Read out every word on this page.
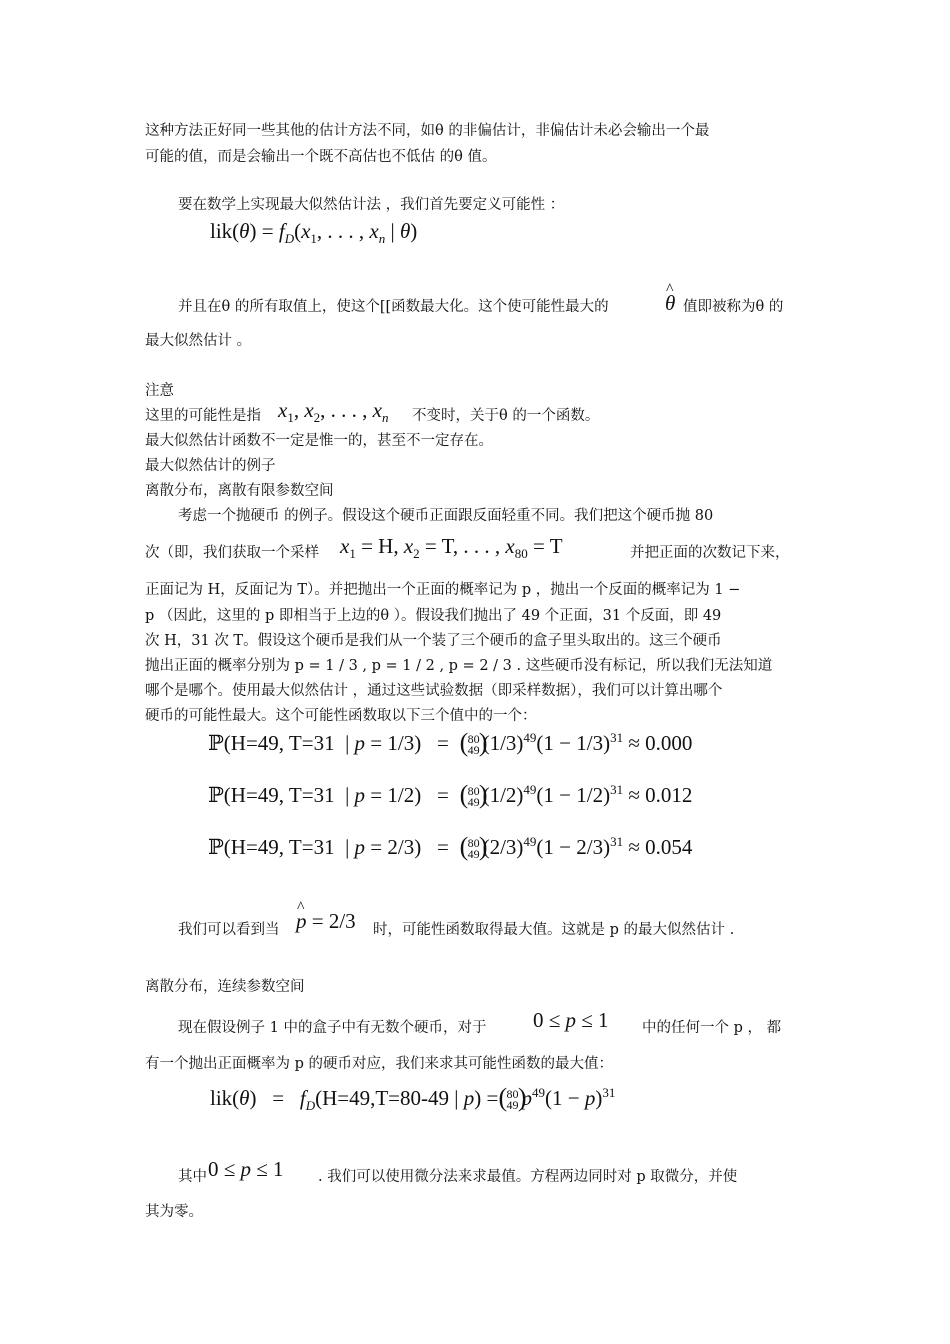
这种方法正好同一些其他的估计方法不同，如θ 的非偏估计，非偏估计未必会输出一个最
可能的值，而是会输出一个既不高估也不低估 的θ 值。
要在数学上实现最大似然估计法 ，我们首先要定义可能性 ：
$lik(\theta) = f_D(x_1$, . . . , $x_n$ | θ)
并且在θ 的所有取值上，使这个[[函数最大化。这个使可能性最大的	^ θ 值即被称为θ 的
最大似然估计 。
注意
这里的可能性是指 $x_1$, $x_2$, . . . , $x_n$ 不变时，关于θ 的一个函数。
最大似然估计函数不一定是惟一的，甚至不一定存在。
最大似然估计的例子
离散分布，离散有限参数空间
考虑一个抛硬币 的例子。假设这个硬币正面跟反面轻重不同。我们把这个硬币抛 80
次（即，我们获取一个采样 $x_1 = H$, $x_2 = T$, . . . , $x_{80} = T$	并把正面的次数记下来，
正面记为 H，反面记为 T）。并把抛出一个正面的概率记为 p ，抛出一个反面的概率记为 1 −
p （因此，这里的 p 即相当于上边的θ ）。假设我们抛出了 49 个正面，31 个反面，即 49
次 H，31 次 T。假设这个硬币是我们从一个装了三个硬币的盒子里头取出的。这三个硬币
抛出正面的概率分别为 p = 1 / 3 , p = 1 / 2 , p = 2 / 3 . 这些硬币没有标记，所以我们无法知道
哪个是哪个。使用最大似然估计 ，通过这些试验数据（即采样数据），我们可以计算出哪个
硬币的可能性最大。这个可能性函数取以下三个值中的一个：
ℙ(H=49, T=31  | p = 1/3)   = ( 80
49
) $(1/3)^{49}(1 - 1/3)^{31} \approx 0.000$
ℙ(H=49, T=31  | p = 1/2)   = ( 80
49
) $(1/2)^{49}(1 - 1/2)^{31} \approx 0.012$
ℙ(H=49, T=31  | p = 2/3)   = ( 80
49
) $(2/3)^{49}(1 - 2/3)^{31} \approx 0.054$
我们可以看到当 ^ p = 2/3 时，可能性函数取得最大值。这就是 p 的最大似然估计 .
离散分布，连续参数空间
现在假设例子 1 中的盒子中有无数个硬币，对于 0 ≤ p ≤ 1 中的任何一个 p ， 都
有一个抛出正面概率为 p 的硬币对应，我们来求其可能性函数的最大值：
$lik(\theta) = f_D(H=49,T=80-49$ | p) = ( 80
49
) $p^{49}(1 - p)^{31}$
其中 0 ≤ p ≤ 1 . 我们可以使用微分法来求最值。方程两边同时对 p 取微分，并使
其为零。
